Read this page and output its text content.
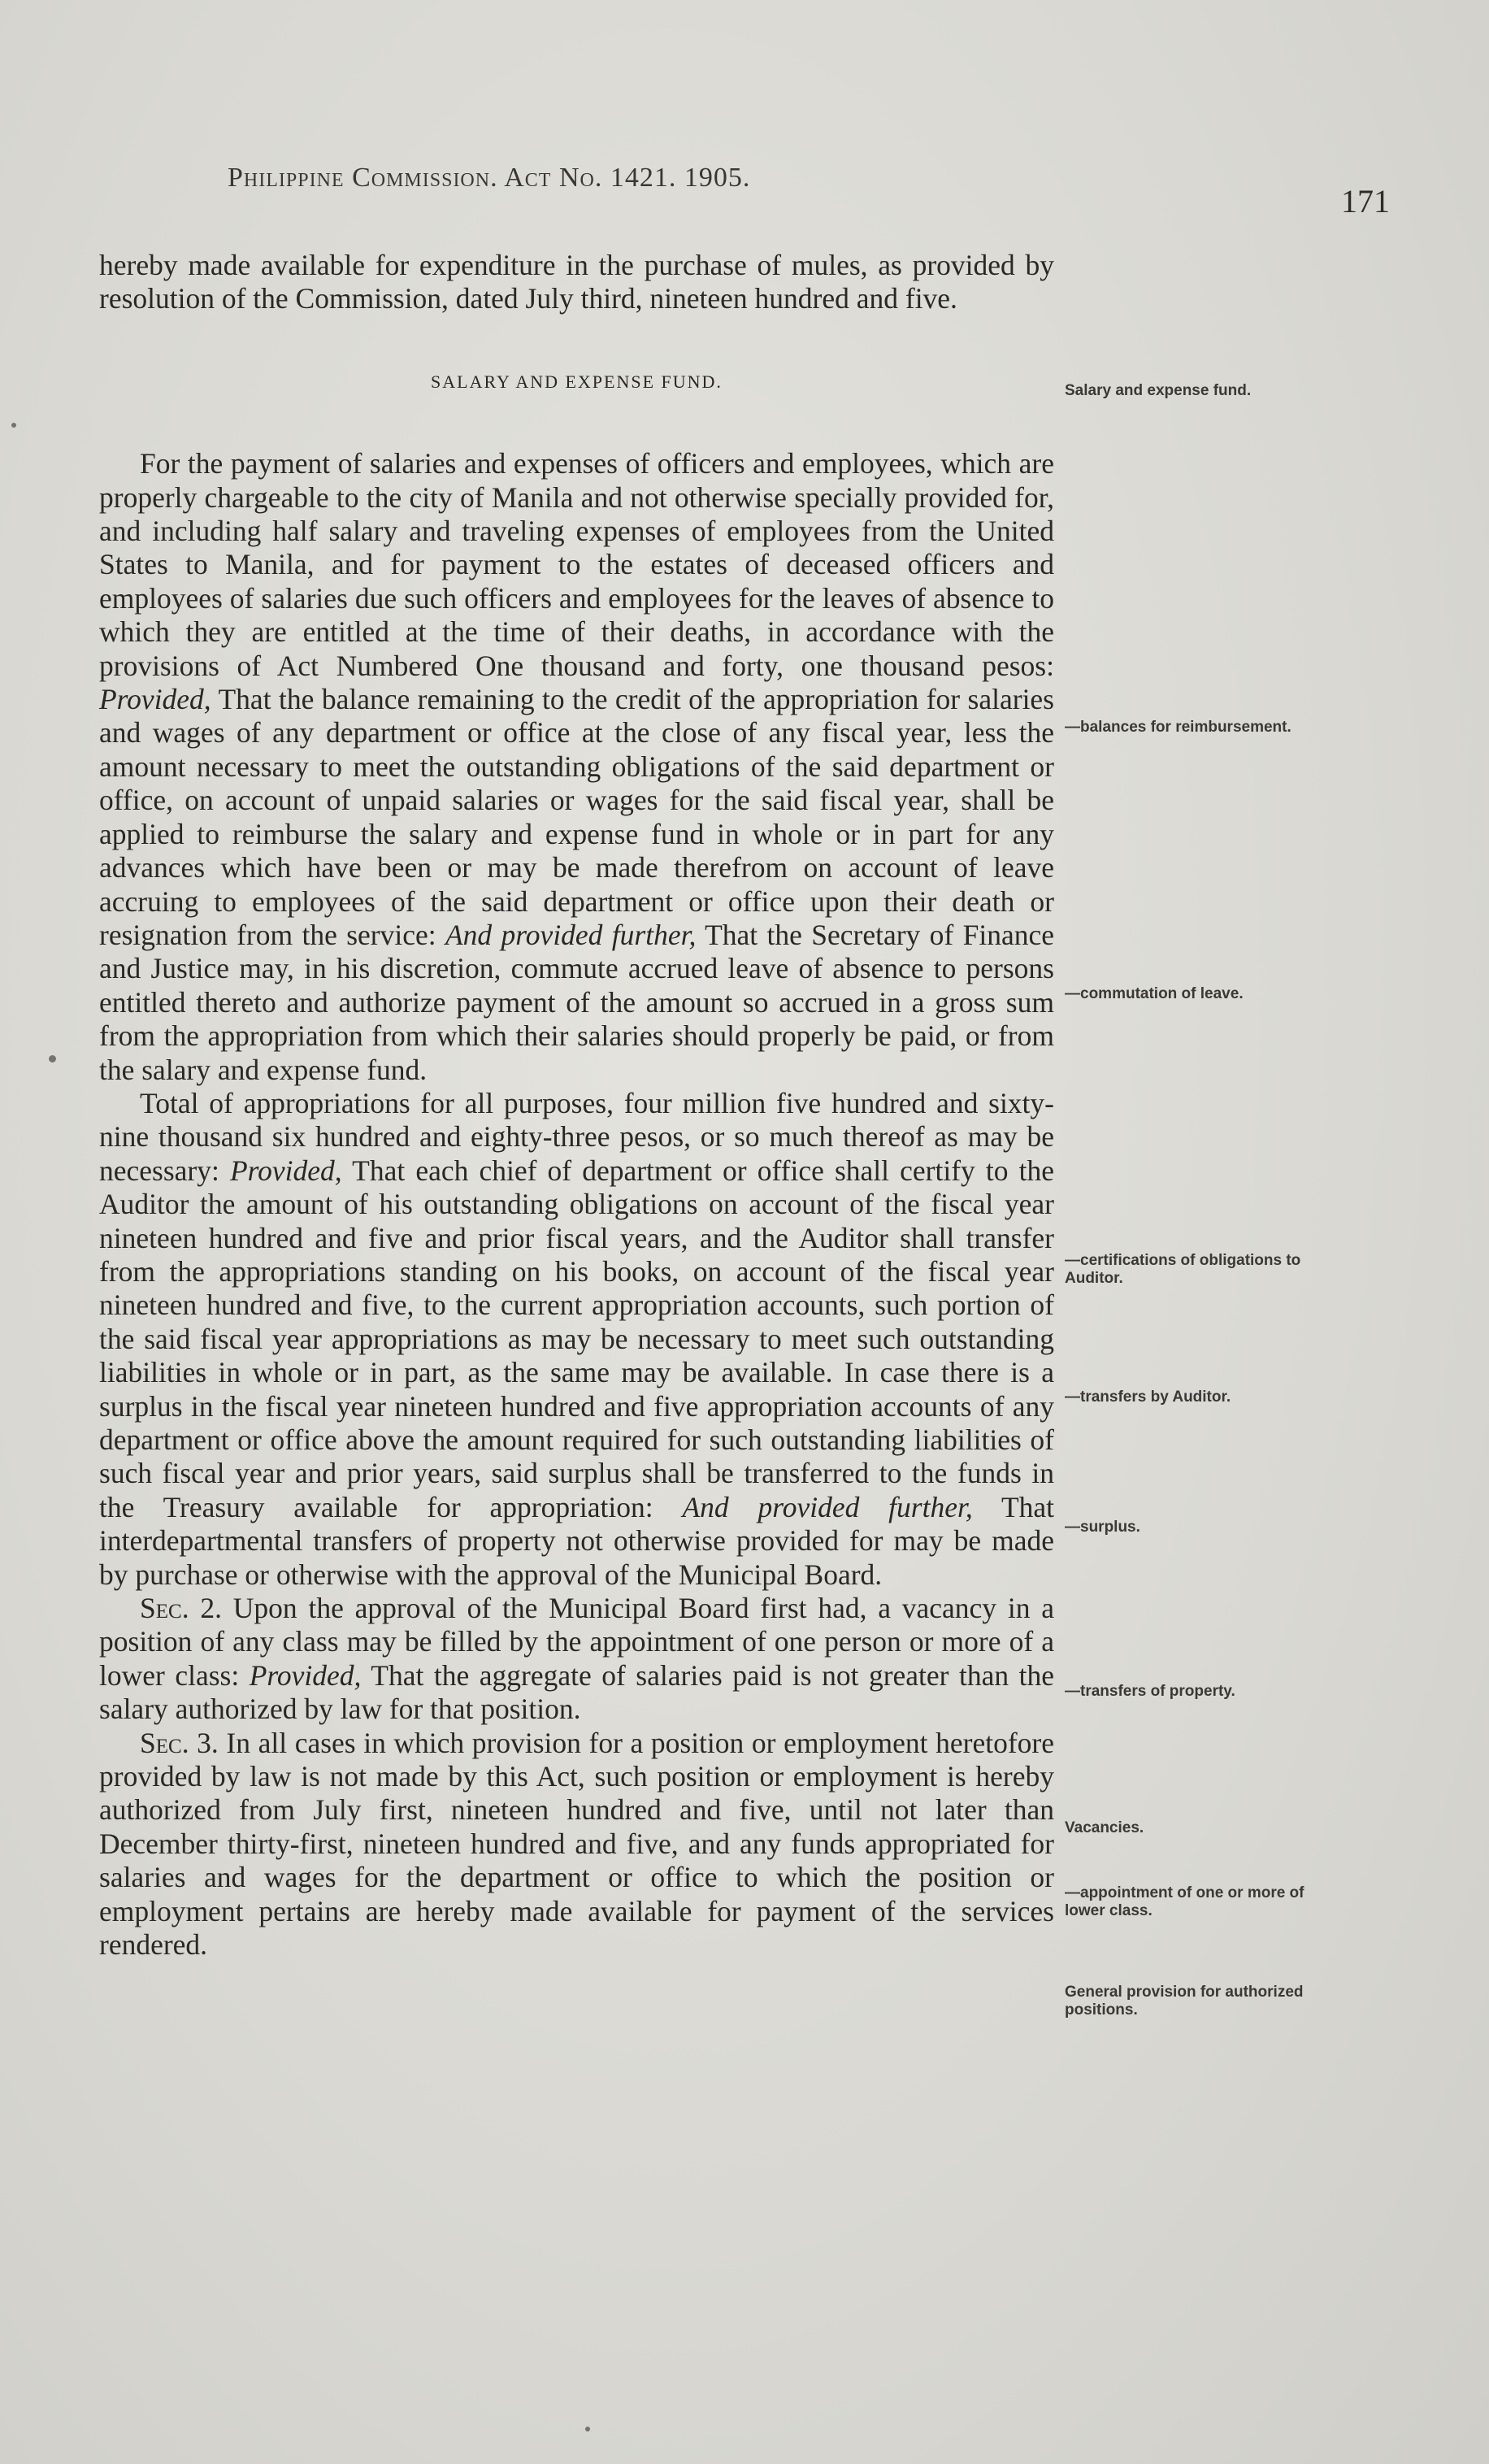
Philippine Commission. Act No. 1421. 1905.
171

hereby made available for expenditure in the purchase of mules, as provided by resolution of the Commission, dated July third, nineteen hundred and five.

SALARY AND EXPENSE FUND.

For the payment of salaries and expenses of officers and employees, which are properly chargeable to the city of Manila and not otherwise specially provided for, and including half salary and traveling expenses of employees from the United States to Manila, and for payment to the estates of deceased officers and employees of salaries due such officers and employees for the leaves of absence to which they are entitled at the time of their deaths, in accordance with the provisions of Act Numbered One thousand and forty, one thousand pesos: Provided, That the balance remaining to the credit of the appropriation for salaries and wages of any department or office at the close of any fiscal year, less the amount necessary to meet the outstanding obligations of the said department or office, on account of unpaid salaries or wages for the said fiscal year, shall be applied to reimburse the salary and expense fund in whole or in part for any advances which have been or may be made therefrom on account of leave accruing to employees of the said department or office upon their death or resignation from the service: And provided further, That the Secretary of Finance and Justice may, in his discretion, commute accrued leave of absence to persons entitled thereto and authorize payment of the amount so accrued in a gross sum from the appropriation from which their salaries should properly be paid, or from the salary and expense fund.

Total of appropriations for all purposes, four million five hundred and sixty-nine thousand six hundred and eighty-three pesos, or so much thereof as may be necessary: Provided, That each chief of department or office shall certify to the Auditor the amount of his outstanding obligations on account of the fiscal year nineteen hundred and five and prior fiscal years, and the Auditor shall transfer from the appropriations standing on his books, on account of the fiscal year nineteen hundred and five, to the current appropriation accounts, such portion of the said fiscal year appropriations as may be necessary to meet such outstanding liabilities in whole or in part, as the same may be available. In case there is a surplus in the fiscal year nineteen hundred and five appropriation accounts of any department or office above the amount required for such outstanding liabilities of such fiscal year and prior years, said surplus shall be transferred to the funds in the Treasury available for appropriation: And provided further, That interdepartmental transfers of property not otherwise provided for may be made by purchase or otherwise with the approval of the Municipal Board.

Sec. 2. Upon the approval of the Municipal Board first had, a vacancy in a position of any class may be filled by the appointment of one person or more of a lower class: Provided, That the aggregate of salaries paid is not greater than the salary authorized by law for that position.

Sec. 3. In all cases in which provision for a position or employment heretofore provided by law is not made by this Act, such position or employment is hereby authorized from July first, nineteen hundred and five, until not later than December thirty-first, nineteen hundred and five, and any funds appropriated for salaries and wages for the department or office to which the position or employment pertains are hereby made available for payment of the services rendered.

Salary and expense fund.
—balances for reimbursement.
—commutation of leave.
—certifications of obligations to Auditor.
—transfers by Auditor.
—surplus.
—transfers of property.
Vacancies.
—appointment of one or more of lower class.
General provision for authorized positions.
